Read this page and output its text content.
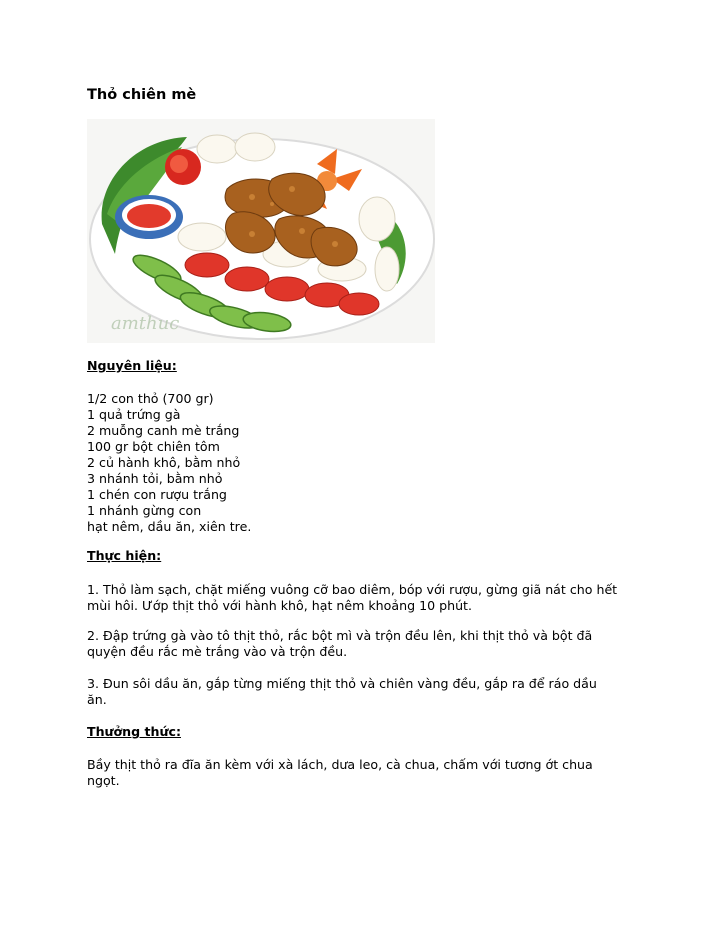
Thỏ chiên mè
amthuc

Nguyên liệu:

1/2 con thỏ (700 gr)
1 quả trứng gà
2 muỗng canh mè trắng
100 gr bột chiên tôm
2 củ hành khô, bằm nhỏ
3 nhánh tỏi, bằm nhỏ
1 chén con rượu trắng
1 nhánh gừng con
hạt nêm, dầu ăn, xiên tre.

Thực hiện:

1. Thỏ làm sạch, chặt miếng vuông cỡ bao diêm, bóp với rượu, gừng giã nát cho hết

mùi hôi. Ướp thịt thỏ với hành khô, hạt nêm khoảng 10 phút.

2. Đập trứng gà vào tô thịt thỏ, rắc bột mì và trộn đều lên, khi thịt thỏ và bột đã

quyện đều rắc mè trắng vào và trộn đều.

3. Đun sôi dầu ăn, gắp từng miếng thịt thỏ và chiên vàng đều, gắp ra để ráo dầu

ăn.

Thưởng thức:

Bầy thịt thỏ ra đĩa ăn kèm với xà lách, dưa leo, cà chua, chấm với tương ớt chua

ngọt.
